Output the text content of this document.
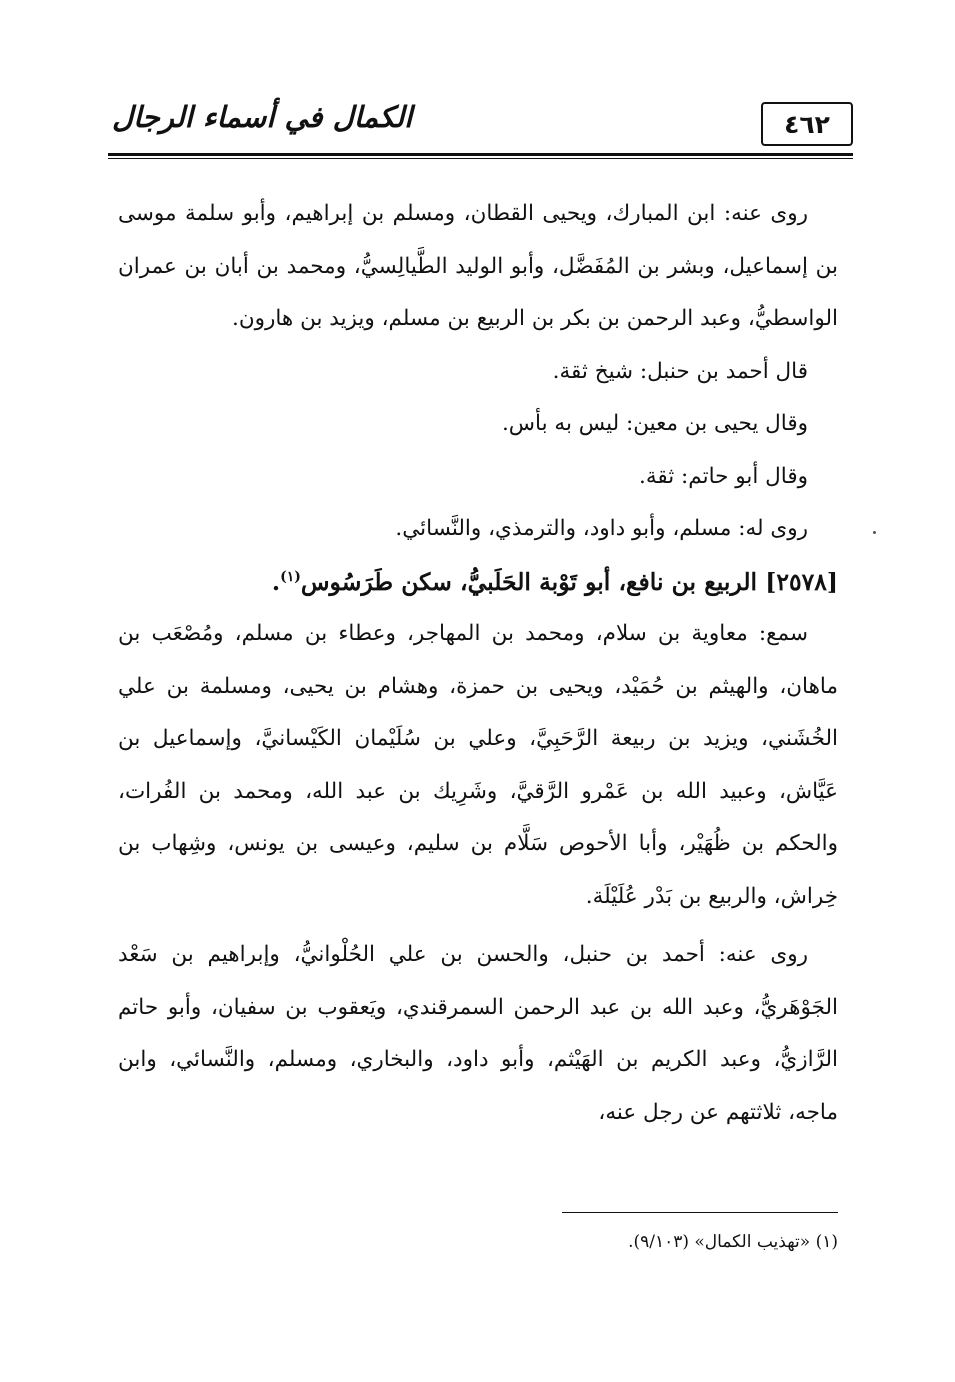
الكمال في أسماء الرجال	٤٦٢

روى عنه: ابن المبارك، ويحيى القطان، ومسلم بن إبراهيم، وأبو سلمة موسى بن إسماعيل، وبشر بن المُفَضَّل، وأبو الوليد الطَّيالِسيُّ، ومحمد بن أبان بن عمران الواسطيُّ، وعبد الرحمن بن بكر بن الربيع بن مسلم، ويزيد بن هارون.

قال أحمد بن حنبل: شيخ ثقة.

وقال يحيى بن معين: ليس به بأس.

وقال أبو حاتم: ثقة.

روى له: مسلم، وأبو داود، والترمذي، والنَّسائي.

[٢٥٧٨] الربيع بن نافع، أبو تَوْبة الحَلَبيُّ، سكن طَرَسُوس$^{(١)}$.

سمع: معاوية بن سلام، ومحمد بن المهاجر، وعطاء بن مسلم، ومُصْعَب بن ماهان، والهيثم بن حُمَيْد، ويحيى بن حمزة، وهشام بن يحيى، ومسلمة بن علي الخُشَني، ويزيد بن ربيعة الرَّحَبِيَّ، وعلي بن سُلَيْمان الكَيْسانيَّ، وإسماعيل بن عَيَّاش، وعبيد الله بن عَمْرو الرَّقيَّ، وشَرِيك بن عبد الله، ومحمد بن الفُرات، والحكم بن ظُهَيْر، وأبا الأحوص سَلَّام بن سليم، وعيسى بن يونس، وشِهاب بن خِراش، والربيع بن بَدْر عُلَيْلَة.

روى عنه: أحمد بن حنبل، والحسن بن علي الحُلْوانيُّ، وإبراهيم بن سَعْد الجَوْهَريُّ، وعبد الله بن عبد الرحمن السمرقندي، ويَعقوب بن سفيان، وأبو حاتم الرَّازيُّ، وعبد الكريم بن الهَيْثم، وأبو داود، والبخاري، ومسلم، والنَّسائي، وابن ماجه، ثلاثتهم عن رجل عنه،

(١) «تهذيب الكمال» (٩/١٠٣).
